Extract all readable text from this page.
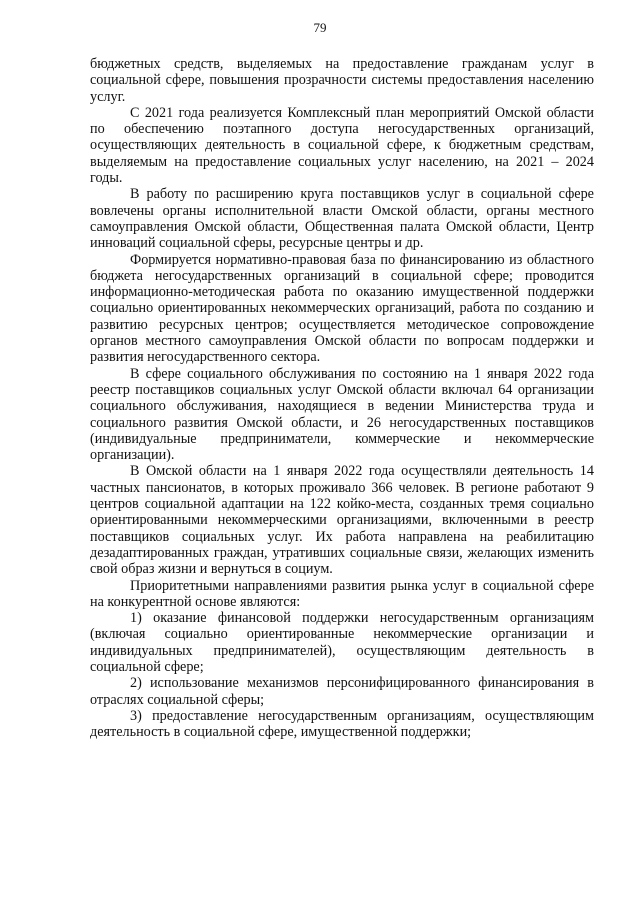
79

бюджетных средств, выделяемых на предоставление гражданам услуг в социальной сфере, повышения прозрачности системы предоставления населению услуг.

С 2021 года реализуется Комплексный план мероприятий Омской области по обеспечению поэтапного доступа негосударственных организаций, осуществляющих деятельность в социальной сфере, к бюджетным средствам, выделяемым на предоставление социальных услуг населению, на 2021 – 2024 годы.

В работу по расширению круга поставщиков услуг в социальной сфере вовлечены органы исполнительной власти Омской области, органы местного самоуправления Омской области, Общественная палата Омской области, Центр инноваций социальной сферы, ресурсные центры и др.

Формируется нормативно-правовая база по финансированию из областного бюджета негосударственных организаций в социальной сфере; проводится информационно-методическая работа по оказанию имущественной поддержки социально ориентированных некоммерческих организаций, работа по созданию и развитию ресурсных центров; осуществляется методическое сопровождение органов местного самоуправления Омской области по вопросам поддержки и развития негосударственного сектора.

В сфере социального обслуживания по состоянию на 1 января 2022 года реестр поставщиков социальных услуг Омской области включал 64 организации социального обслуживания, находящиеся в ведении Министерства труда и социального развития Омской области, и 26 негосударственных поставщиков (индивидуальные предприниматели, коммерческие и некоммерческие организации).

В Омской области на 1 января 2022 года осуществляли деятельность 14 частных пансионатов, в которых проживало 366 человек. В регионе работают 9 центров социальной адаптации на 122 койко-места, созданных тремя социально ориентированными некоммерческими организациями, включенными в реестр поставщиков социальных услуг. Их работа направлена на реабилитацию дезадаптированных граждан, утративших социальные связи, желающих изменить свой образ жизни и вернуться в социум.

Приоритетными направлениями развития рынка услуг в социальной сфере на конкурентной основе являются:

1) оказание финансовой поддержки негосударственным организациям (включая социально ориентированные некоммерческие организации и индивидуальных предпринимателей), осуществляющим деятельность в социальной сфере;

2) использование механизмов персонифицированного финансирования в отраслях социальной сферы;

3) предоставление негосударственным организациям, осуществляющим деятельность в социальной сфере, имущественной поддержки;
